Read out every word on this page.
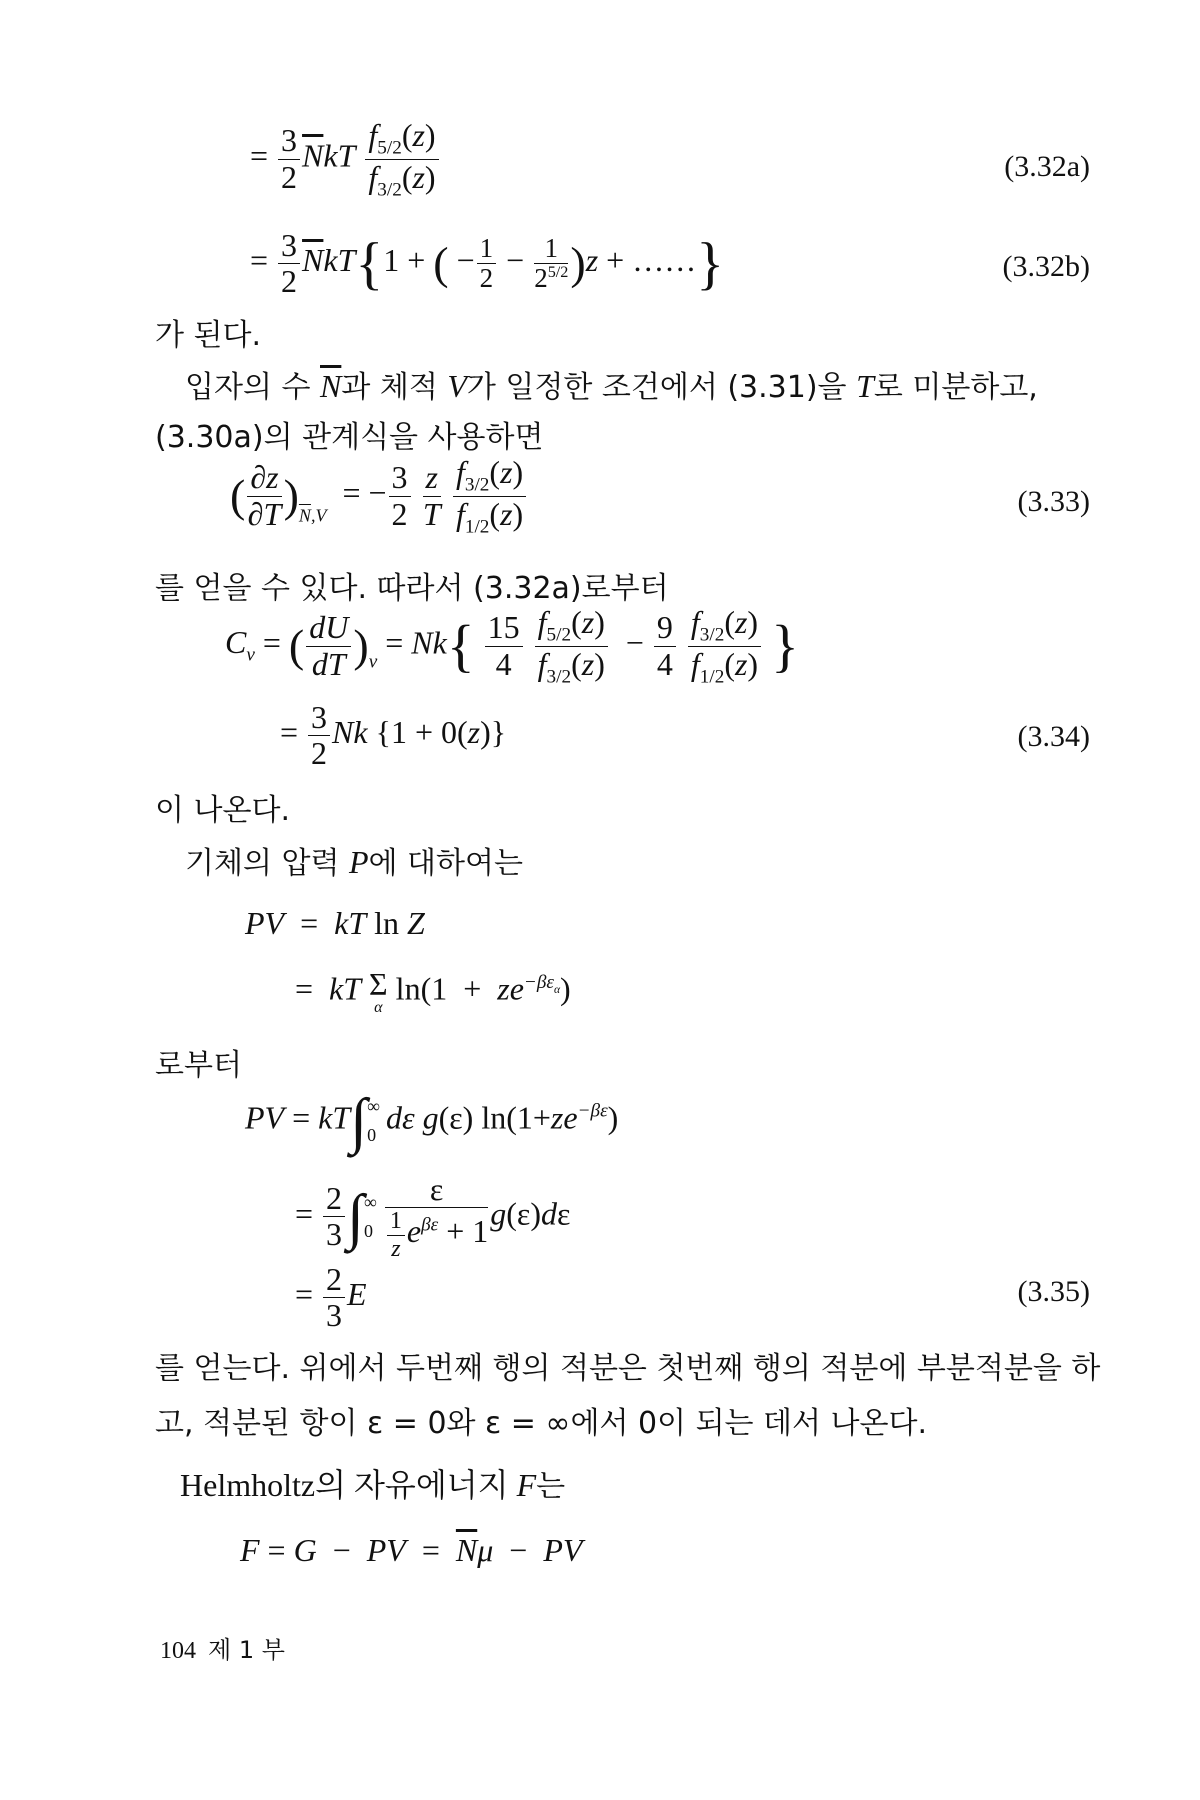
= $\frac{3}{2} \overline{N}kT \frac{f_{5/2}(z)}{f_{3/2}(z)}$	(3.32a)
= $\frac{3}{2} \overline{N}kT\{1$ + ( − $\frac{1}{2} - \frac{1}{2^{5/2}} )z$ + ……}	(3.32b)
가 된다.
입자의 수 $\overline{N}$과 체적 V가 일정한 조건에서 (3.31)을 T로 미분하고,
(3.30a)의 관계식을 사용하면
( $\frac{\partial z}{\partial T} )_{\overline{N},V}$  = − $\frac{3}{2}$
$\frac{z}{T}$
$\frac{f_{3/2}(z)}{f_{1/2}(z)}$	(3.33)
를 얻을 수 있다. 따라서 (3.32a)로부터
$C_v$ = ( $\frac{dU}{dT} )_v = Nk\{ \frac{15}{4}$
$\frac{f_{5/2}(z)}{f_{3/2}(z)} - \frac{9}{4}$
$\frac{f_{3/2}(z)}{f_{1/2}(z)}$ }
= $\frac{3}{2}$ Nk {1 + 0(z)}	(3.34)
이 나온다.
기체의 압력 P에 대하여는
PV  =  kT ln Z
=  kT Σ
α
$\ln(1 + ze^{-\beta\varepsilon_\alpha})$
로부터
PV = kT∫ ∞
0 dε g(ε) $\ln(1+ze^{-\beta\varepsilon})$
= $\frac{2}{3}$ ∫ ∞
$0 \frac{\varepsilon}{\frac{1}{z} e^{\beta\varepsilon} + 1} g(\varepsilon)d\varepsilon$
= $\frac{2}{3}$ E	(3.35)
를 얻는다. 위에서 두번째 행의 적분은 첫번째 행의 적분에 부분적분을 하
고, 적분된 항이 ε = 0와 ε = ∞에서 0이 되는 데서 나온다.
Helmholtz의 자유에너지 F는
F = G  −  PV  =  $\overline{N}\mu$  −  PV
104 제 1 부
